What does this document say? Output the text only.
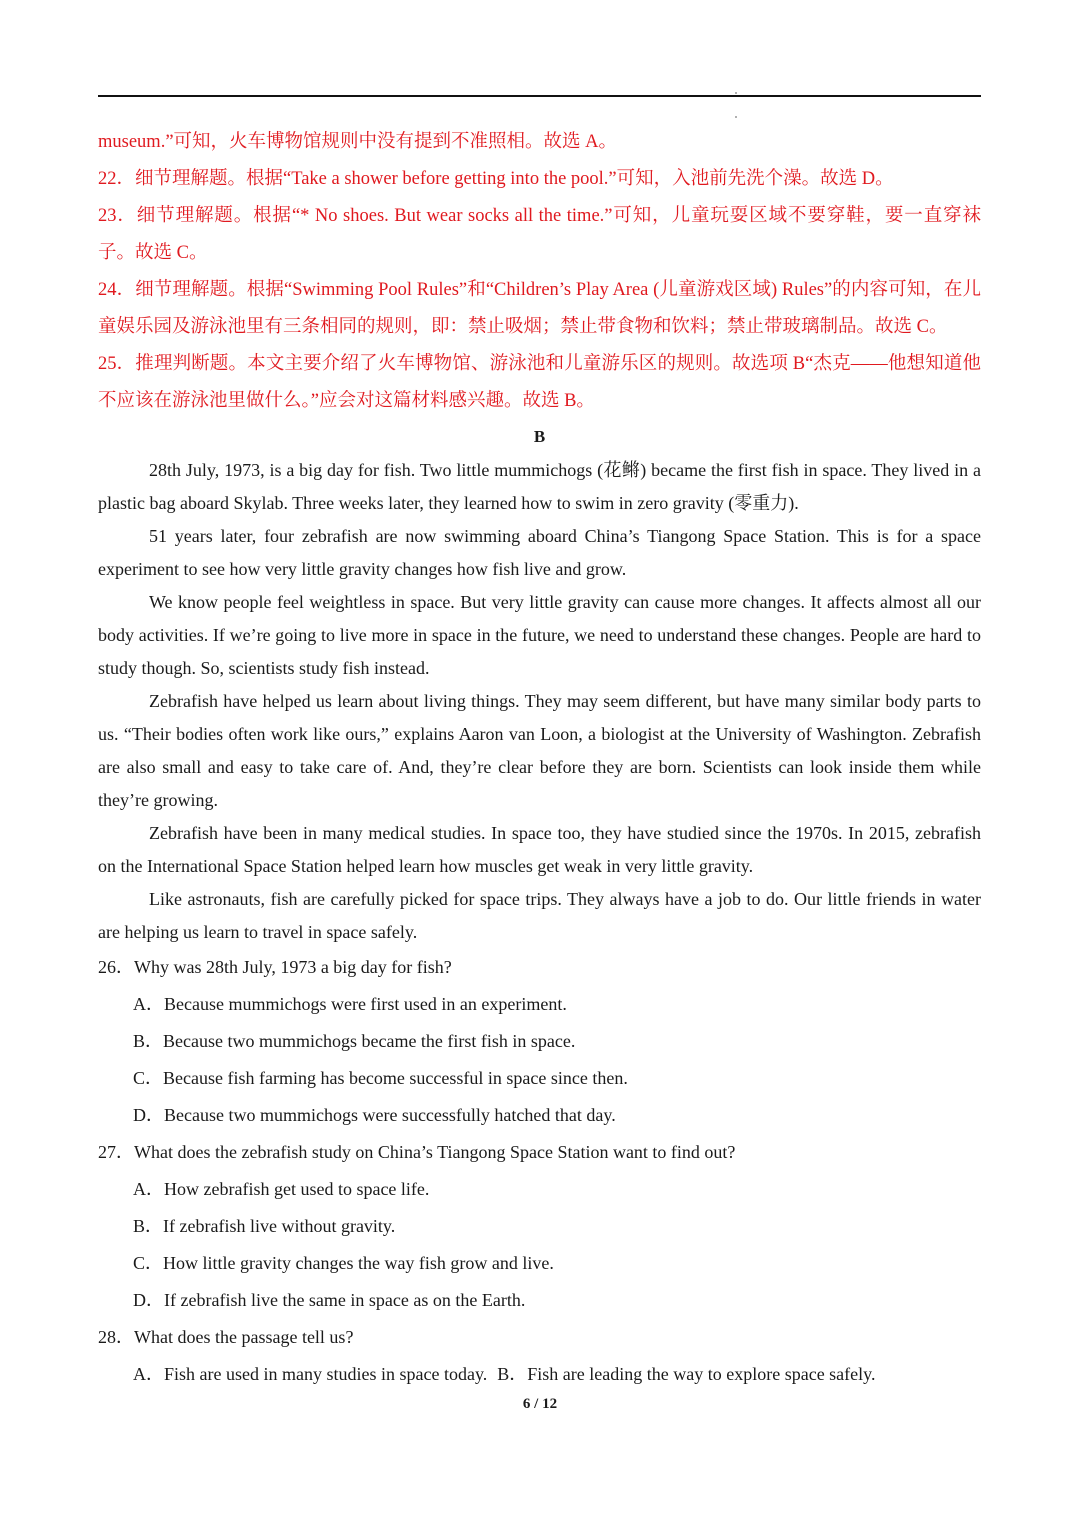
museum.”可知，火车博物馆规则中没有提到不准照相。故选 A。

22．细节理解题。根据“Take a shower before getting into the pool.”可知，入池前先洗个澡。故选 D。

23．细节理解题。根据“* No shoes. But wear socks all the time.”可知，儿童玩耍区域不要穿鞋，要一直穿袜子。故选 C。

24．细节理解题。根据“Swimming Pool Rules”和“Children’s Play Area (儿童游戏区域) Rules”的内容可知，在儿童娱乐园及游泳池里有三条相同的规则，即：禁止吸烟；禁止带食物和饮料；禁止带玻璃制品。故选 C。

25．推理判断题。本文主要介绍了火车博物馆、游泳池和儿童游乐区的规则。故选项 B“杰克——他想知道他不应该在游泳池里做什么。”应会对这篇材料感兴趣。故选 B。

B

28th July, 1973, is a big day for fish. Two little mummichogs (花鳉) became the first fish in space. They lived in a plastic bag aboard Skylab. Three weeks later, they learned how to swim in zero gravity (零重力).

51 years later, four zebrafish are now swimming aboard China’s Tiangong Space Station. This is for a space experiment to see how very little gravity changes how fish live and grow.

We know people feel weightless in space. But very little gravity can cause more changes. It affects almost all our body activities. If we’re going to live more in space in the future, we need to understand these changes. People are hard to study though. So, scientists study fish instead.

Zebrafish have helped us learn about living things. They may seem different, but have many similar body parts to us. “Their bodies often work like ours,” explains Aaron van Loon, a biologist at the University of Washington. Zebrafish are also small and easy to take care of. And, they’re clear before they are born. Scientists can look inside them while they’re growing.

Zebrafish have been in many medical studies. In space too, they have studied since the 1970s. In 2015, zebrafish on the International Space Station helped learn how muscles get weak in very little gravity.

Like astronauts, fish are carefully picked for space trips. They always have a job to do. Our little friends in water are helping us learn to travel in space safely.

26．Why was 28th July, 1973 a big day for fish?

A．Because mummichogs were first used in an experiment.

B．Because two mummichogs became the first fish in space.

C．Because fish farming has become successful in space since then.

D．Because two mummichogs were successfully hatched that day.

27．What does the zebrafish study on China’s Tiangong Space Station want to find out?

A．How zebrafish get used to space life.

B．If zebrafish live without gravity.

C．How little gravity changes the way fish grow and live.

D．If zebrafish live the same in space as on the Earth.

28．What does the passage tell us?

A．Fish are used in many studies in space today. B．Fish are leading the way to explore space safely.

6 / 12
